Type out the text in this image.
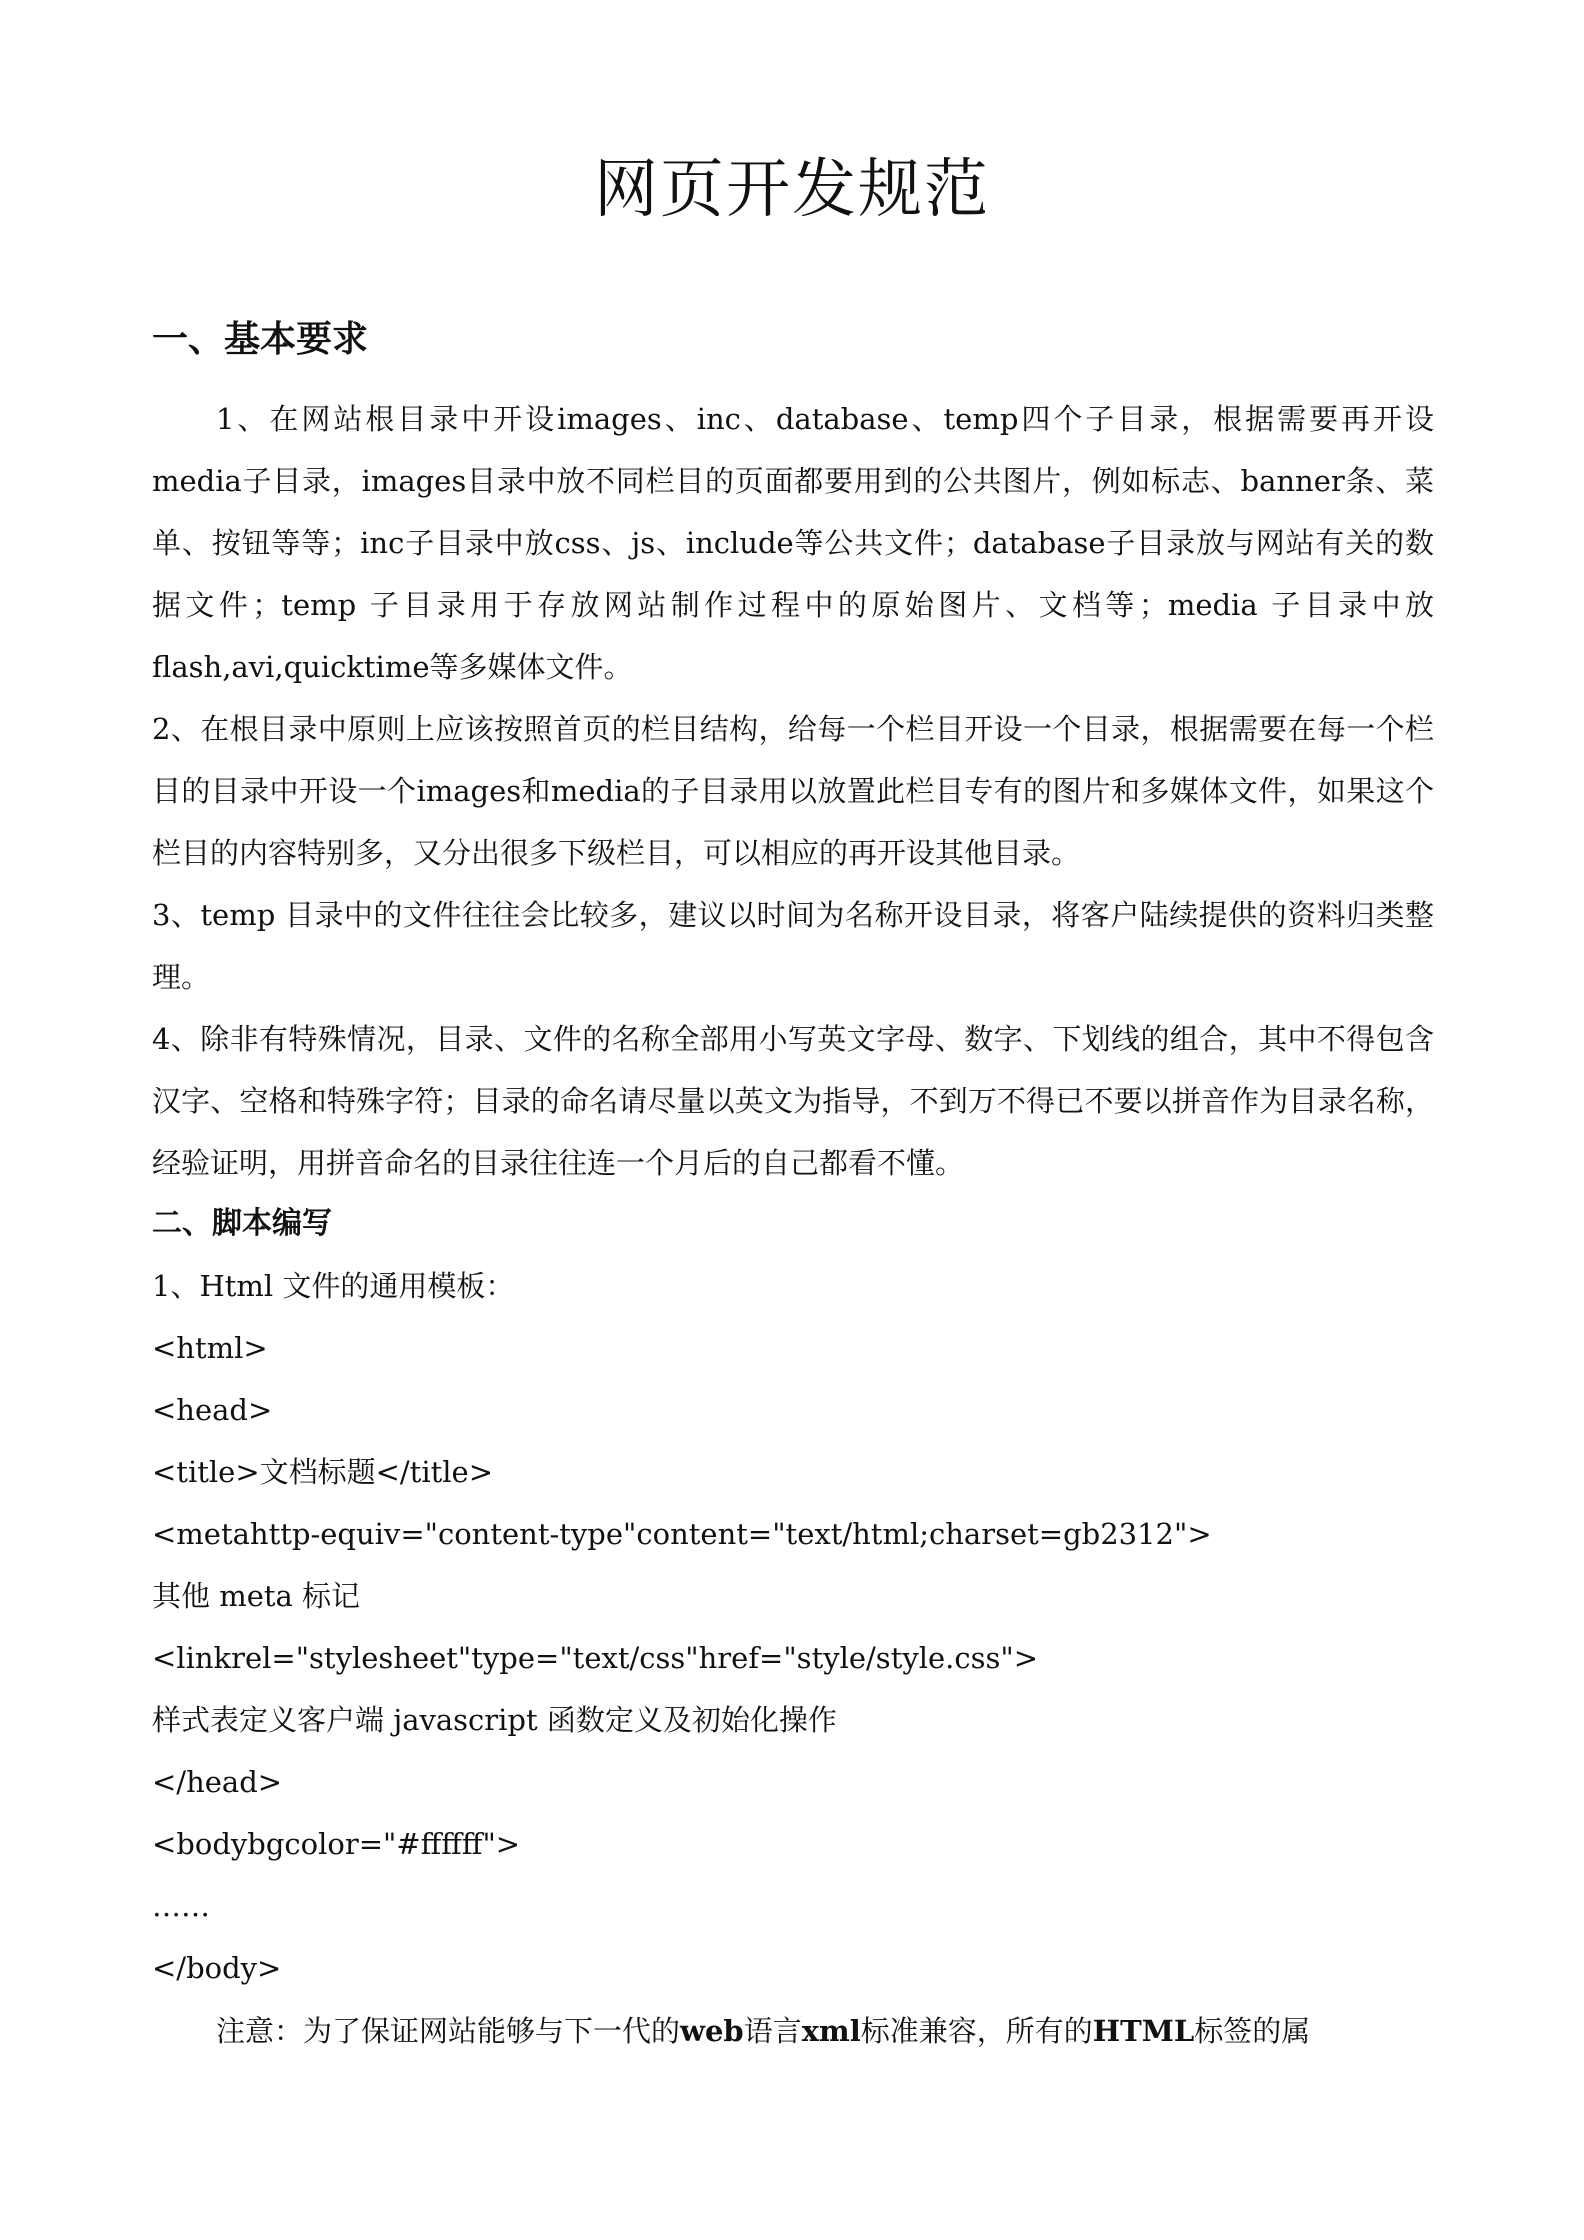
网页开发规范
一、基本要求

1、在网站根目录中开设images、inc、database、temp四个子目录，根据需要再开设media子目录，images目录中放不同栏目的页面都要用到的公共图片，例如标志、banner条、菜单、按钮等等；inc子目录中放css、js、include等公共文件；database子目录放与网站有关的数据文件；temp 子目录用于存放网站制作过程中的原始图片、文档等；media 子目录中放flash,avi,quicktime等多媒体文件。

2、在根目录中原则上应该按照首页的栏目结构，给每一个栏目开设一个目录，根据需要在每一个栏目的目录中开设一个images和media的子目录用以放置此栏目专有的图片和多媒体文件，如果这个栏目的内容特别多，又分出很多下级栏目，可以相应的再开设其他目录。

3、temp 目录中的文件往往会比较多，建议以时间为名称开设目录，将客户陆续提供的资料归类整理。

4、除非有特殊情况，目录、文件的名称全部用小写英文字母、数字、下划线的组合，其中不得包含汉字、空格和特殊字符；目录的命名请尽量以英文为指导，不到万不得已不要以拼音作为目录名称，经验证明，用拼音命名的目录往往连一个月后的自己都看不懂。

二、脚本编写
1、Html 文件的通用模板：
<html>
<head>
<title>文档标题</title>
<metahttp-equiv="content-type"content="text/html;charset=gb2312">
其他 meta 标记
<linkrel="stylesheet"type="text/css"href="style/style.css">
样式表定义客户端 javascript 函数定义及初始化操作
</head>
<bodybgcolor="#ffffff">
……
</body>

注意：为了保证网站能够与下一代的web语言xml标准兼容，所有的HTML标签的属
